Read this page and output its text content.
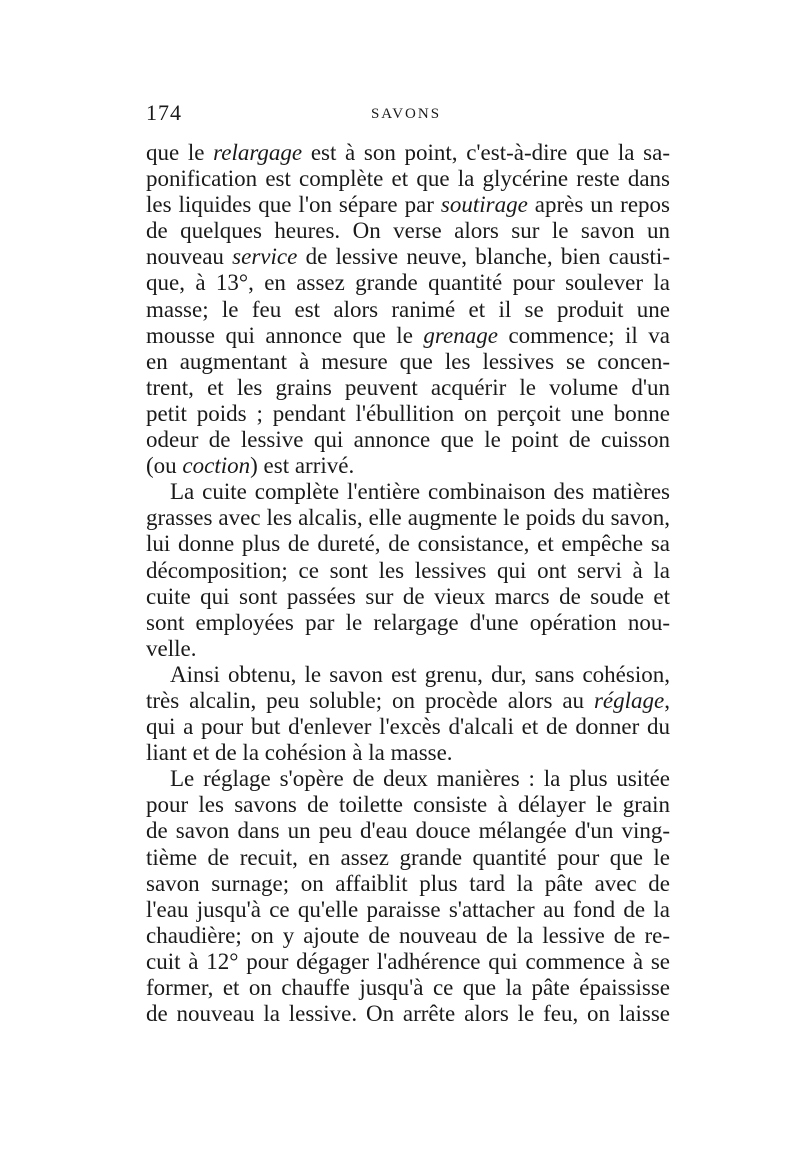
174	SAVONS
que le relargage est à son point, c'est-à-dire que la sa-
ponification est complète et que la glycérine reste dans
les liquides que l'on sépare par soutirage après un repos
de quelques heures. On verse alors sur le savon un
nouveau service de lessive neuve, blanche, bien causti-
que, à 13°, en assez grande quantité pour soulever la
masse; le feu est alors ranimé et il se produit une
mousse qui annonce que le grenage commence; il va
en augmentant à mesure que les lessives se concen-
trent, et les grains peuvent acquérir le volume d'un
petit poids ; pendant l'ébullition on perçoit une bonne
odeur de lessive qui annonce que le point de cuisson
(ou coction) est arrivé.
La cuite complète l'entière combinaison des matières
grasses avec les alcalis, elle augmente le poids du savon,
lui donne plus de dureté, de consistance, et empêche sa
décomposition; ce sont les lessives qui ont servi à la
cuite qui sont passées sur de vieux marcs de soude et
sont employées par le relargage d'une opération nou-
velle.
Ainsi obtenu, le savon est grenu, dur, sans cohésion,
très alcalin, peu soluble; on procède alors au réglage,
qui a pour but d'enlever l'excès d'alcali et de donner du
liant et de la cohésion à la masse.
Le réglage s'opère de deux manières : la plus usitée
pour les savons de toilette consiste à délayer le grain
de savon dans un peu d'eau douce mélangée d'un ving-
tième de recuit, en assez grande quantité pour que le
savon surnage; on affaiblit plus tard la pâte avec de
l'eau jusqu'à ce qu'elle paraisse s'attacher au fond de la
chaudière; on y ajoute de nouveau de la lessive de re-
cuit à 12° pour dégager l'adhérence qui commence à se
former, et on chauffe jusqu'à ce que la pâte épaississe
de nouveau la lessive. On arrête alors le feu, on laisse
